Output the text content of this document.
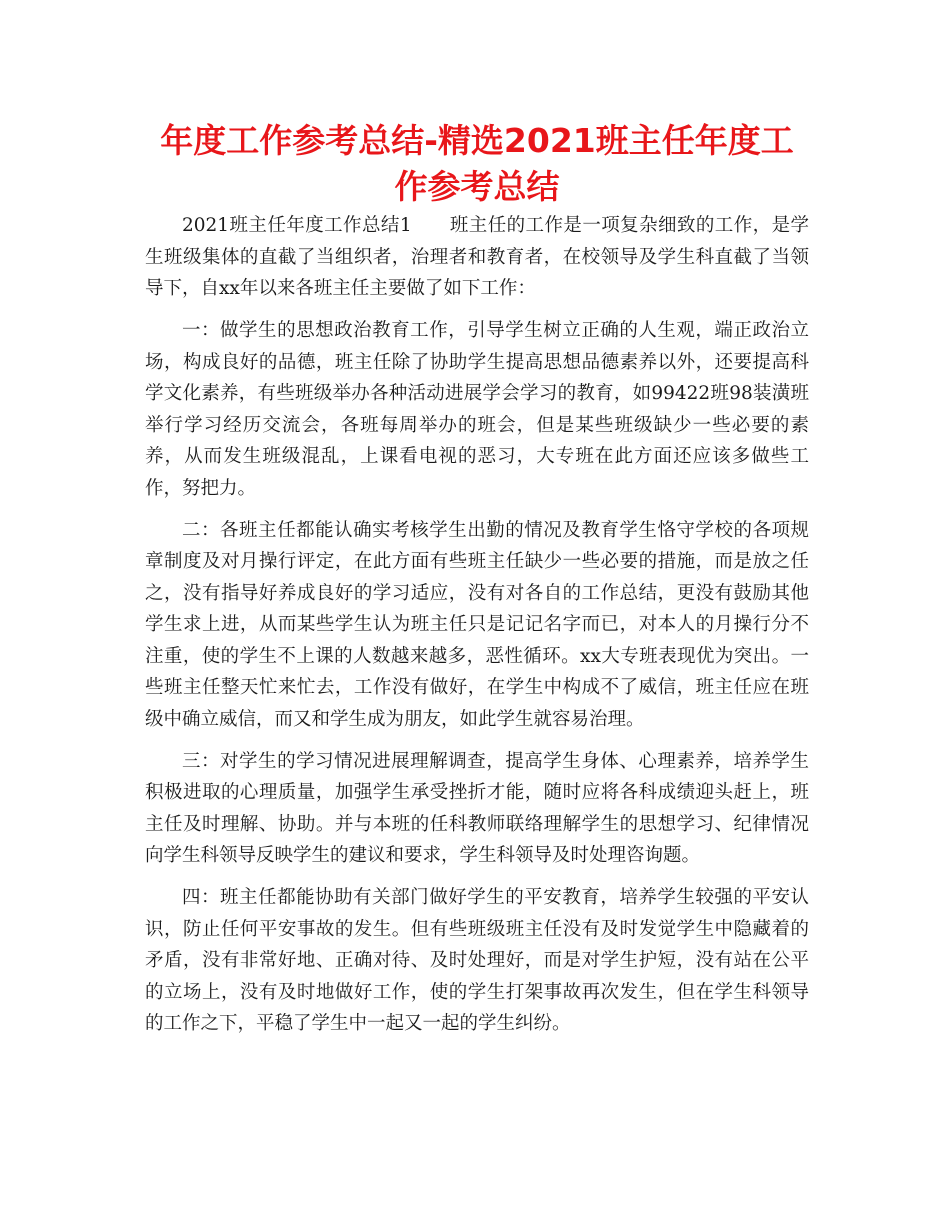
年度工作参考总结-精选2021班主任年度工作参考总结

2021班主任年度工作总结1　　班主任的工作是一项复杂细致的工作，是学生班级集体的直截了当组织者，治理者和教育者，在校领导及学生科直截了当领导下，自xx年以来各班主任主要做了如下工作：

一：做学生的思想政治教育工作，引导学生树立正确的人生观，端正政治立场，构成良好的品德，班主任除了协助学生提高思想品德素养以外，还要提高科学文化素养，有些班级举办各种活动进展学会学习的教育，如99422班98装潢班举行学习经历交流会，各班每周举办的班会，但是某些班级缺少一些必要的素养，从而发生班级混乱，上课看电视的恶习，大专班在此方面还应该多做些工作，努把力。

二：各班主任都能认确实考核学生出勤的情况及教育学生恪守学校的各项规章制度及对月操行评定，在此方面有些班主任缺少一些必要的措施，而是放之任之，没有指导好养成良好的学习适应，没有对各自的工作总结，更没有鼓励其他学生求上进，从而某些学生认为班主任只是记记名字而已，对本人的月操行分不注重，使的学生不上课的人数越来越多，恶性循环。xx大专班表现优为突出。一些班主任整天忙来忙去，工作没有做好，在学生中构成不了威信，班主任应在班级中确立威信，而又和学生成为朋友，如此学生就容易治理。

三：对学生的学习情况进展理解调查，提高学生身体、心理素养，培养学生积极进取的心理质量，加强学生承受挫折才能，随时应将各科成绩迎头赶上，班主任及时理解、协助。并与本班的任科教师联络理解学生的思想学习、纪律情况向学生科领导反映学生的建议和要求，学生科领导及时处理咨询题。

四：班主任都能协助有关部门做好学生的平安教育，培养学生较强的平安认识，防止任何平安事故的发生。但有些班级班主任没有及时发觉学生中隐藏着的矛盾，没有非常好地、正确对待、及时处理好，而是对学生护短，没有站在公平的立场上，没有及时地做好工作，使的学生打架事故再次发生，但在学生科领导的工作之下，平稳了学生中一起又一起的学生纠纷。
